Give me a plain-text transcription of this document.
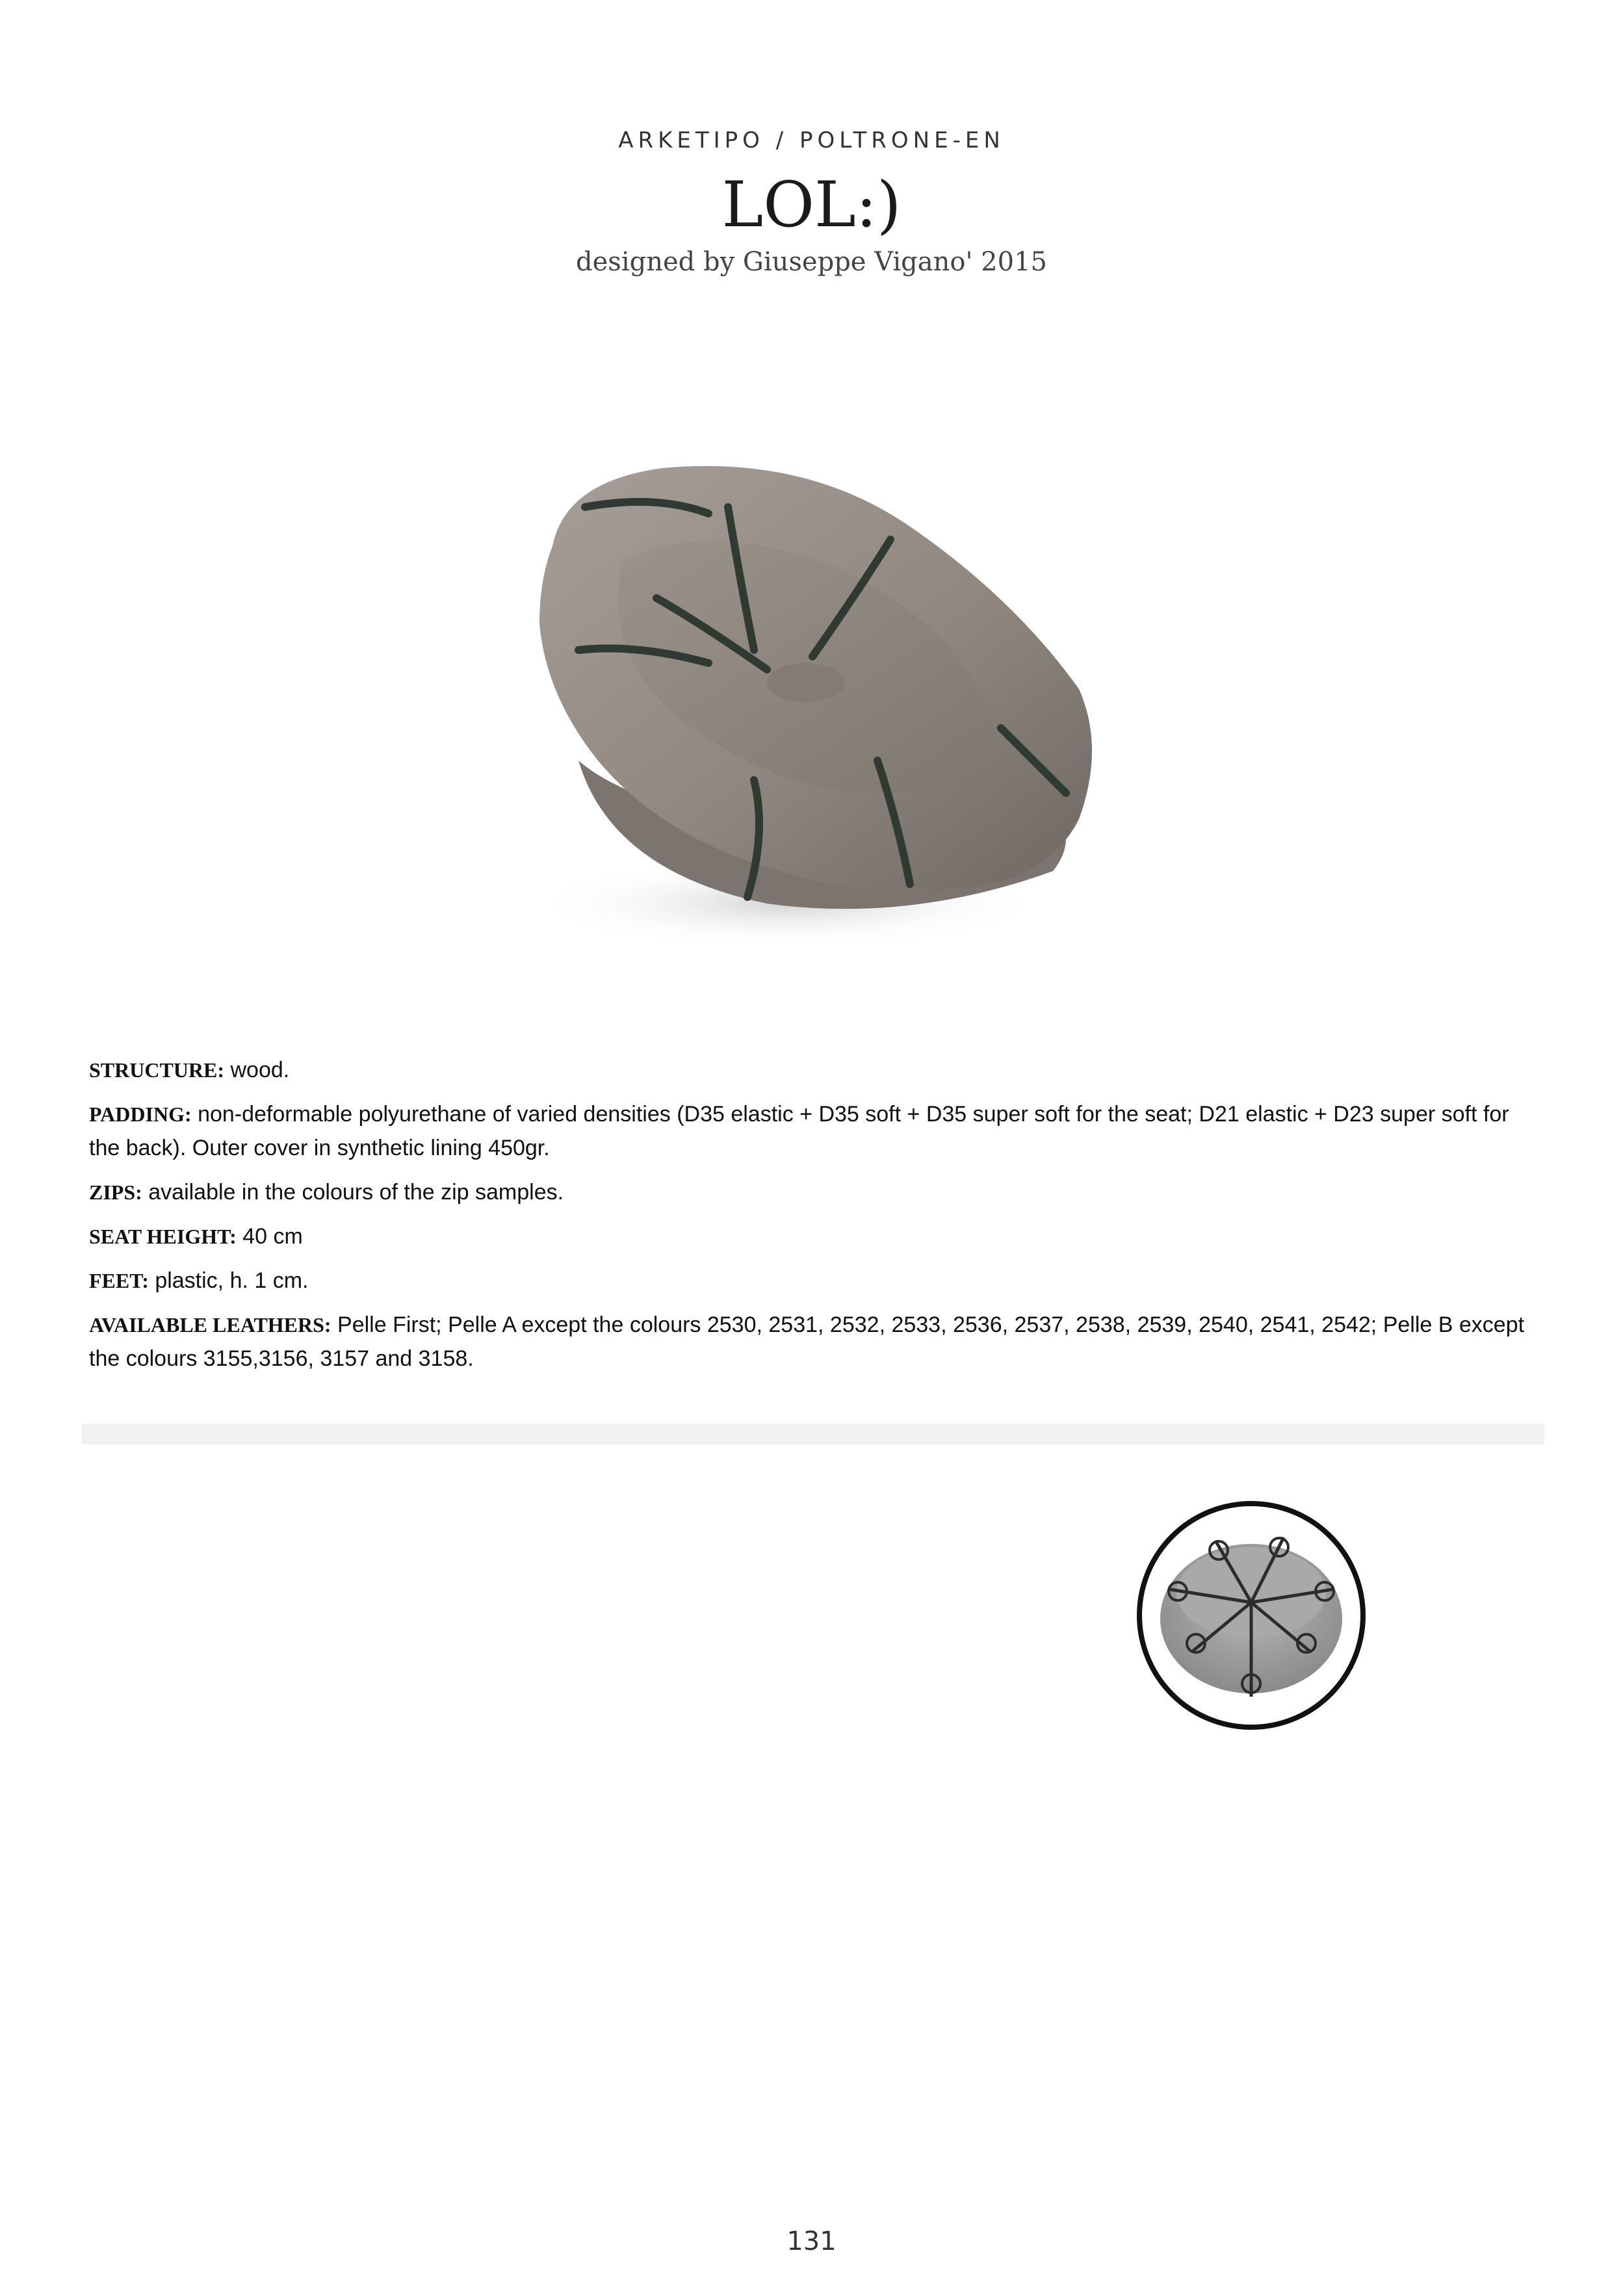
ARKETIPO / POLTRONE-EN
LOL:)
designed by Giuseppe Vigano' 2015
STRUCTURE: wood.
PADDING: non-deformable polyurethane of varied densities (D35 elastic + D35 soft + D35 super soft for the seat; D21 elastic + D23 super soft for the back). Outer cover in synthetic lining 450gr.
ZIPS: available in the colours of the zip samples.
SEAT HEIGHT: 40 cm
FEET: plastic, h. 1 cm.
AVAILABLE LEATHERS: Pelle First; Pelle A except the colours 2530, 2531, 2532, 2533, 2536, 2537, 2538, 2539, 2540, 2541, 2542; Pelle B except the colours 3155,3156, 3157 and 3158.
131
